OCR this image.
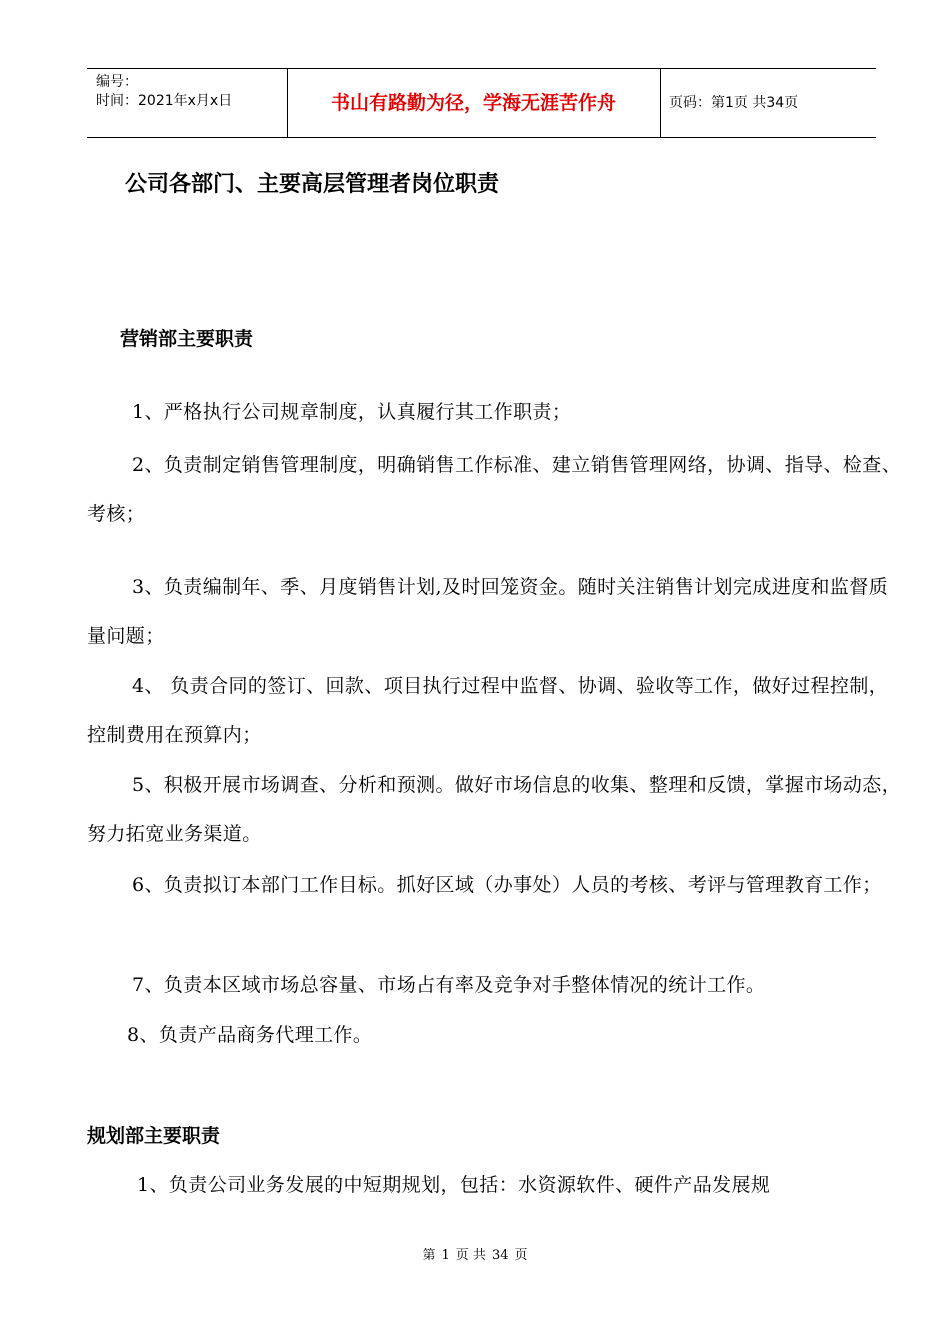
编号：
时间：2021年x月x日	书山有路勤为径，学海无涯苦作舟	页码：第1页 共34页
公司各部门、主要高层管理者岗位职责
营销部主要职责
1、严格执行公司规章制度，认真履行其工作职责；
2、负责制定销售管理制度，明确销售工作标准、建立销售管理网络，协调、指导、检查、考核；
3、负责编制年、季、月度销售计划,及时回笼资金。随时关注销售计划完成进度和监督质量问题；
4、 负责合同的签订、回款、项目执行过程中监督、协调、验收等工作，做好过程控制，控制费用在预算内；
5、积极开展市场调查、分析和预测。做好市场信息的收集、整理和反馈，掌握市场动态，努力拓宽业务渠道。
6、负责拟订本部门工作目标。抓好区域（办事处）人员的考核、考评与管理教育工作；
7、负责本区域市场总容量、市场占有率及竞争对手整体情况的统计工作。
8、负责产品商务代理工作。
规划部主要职责
1、负责公司业务发展的中短期规划，包括：水资源软件、硬件产品发展规
第 1 页 共 34 页
